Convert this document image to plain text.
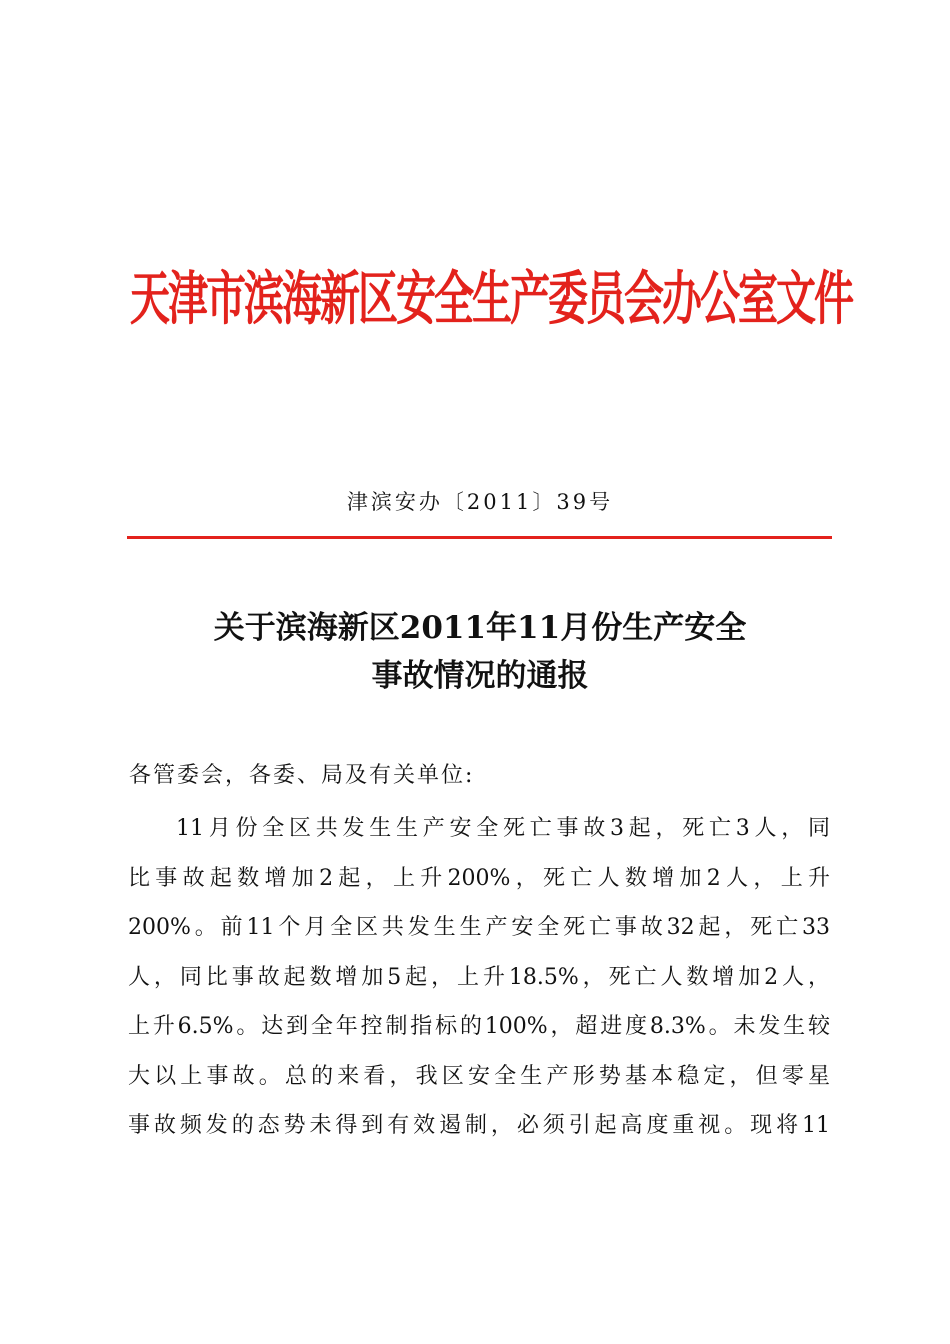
天津市滨海新区安全生产委员会办公室文件
津滨安办〔2011〕39号
关于滨海新区2011年11月份生产安全
事故情况的通报
各管委会，各委、局及有关单位:
11月份全区共发生生产安全死亡事故3起，死亡3人，同
比事故起数增加2起，上升200%，死亡人数增加2人，上升
200%。前11个月全区共发生生产安全死亡事故32起，死亡33
人，同比事故起数增加5起，上升18.5%，死亡人数增加2人，
上升6.5%。达到全年控制指标的100%，超进度8.3%。未发生较
大以上事故。总的来看，我区安全生产形势基本稳定，但零星
事故频发的态势未得到有效遏制，必须引起高度重视。现将11
